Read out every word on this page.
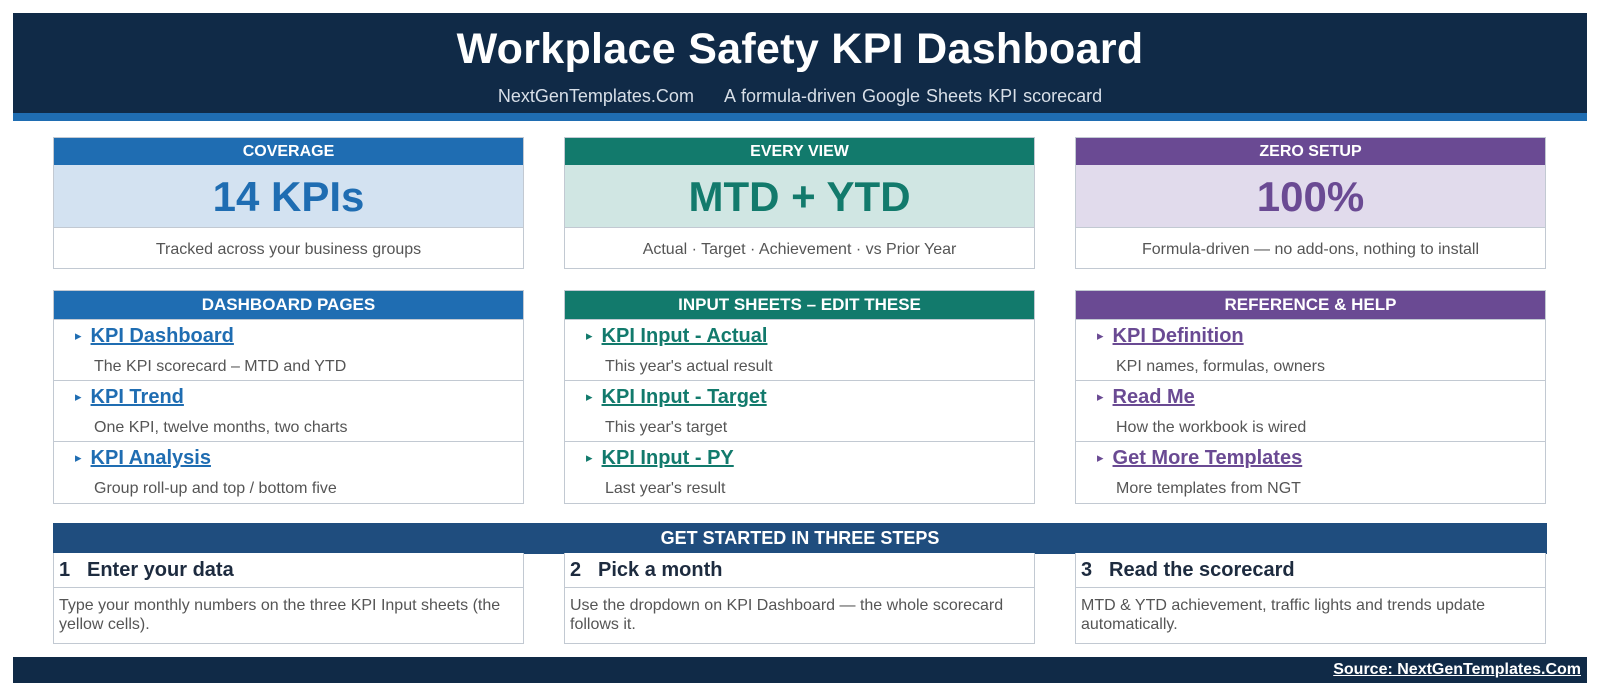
Workplace Safety KPI Dashboard
NextGenTemplates.Com A formula-driven Google Sheets KPI scorecard
COVERAGE
14 KPIs
Tracked across your business groups
EVERY VIEW
MTD + YTD
Actual · Target · Achievement · vs Prior Year
ZERO SETUP
100%
Formula-driven — no add-ons, nothing to install
DASHBOARD PAGES
▸ KPI Dashboard
The KPI scorecard – MTD and YTD
▸ KPI Trend
One KPI, twelve months, two charts
▸ KPI Analysis
Group roll-up and top / bottom five
INPUT SHEETS – EDIT THESE
▸ KPI Input - Actual
This year's actual result
▸ KPI Input - Target
This year's target
▸ KPI Input - PY
Last year's result
REFERENCE & HELP
▸ KPI Definition
KPI names, formulas, owners
▸ Read Me
How the workbook is wired
▸ Get More Templates
More templates from NGT
GET STARTED IN THREE STEPS
1 Enter your data
Type your monthly numbers on the three KPI Input sheets (the yellow cells).
2 Pick a month
Use the dropdown on KPI Dashboard — the whole scorecard follows it.
3 Read the scorecard
MTD & YTD achievement, traffic lights and trends update automatically.
Source: NextGenTemplates.Com
